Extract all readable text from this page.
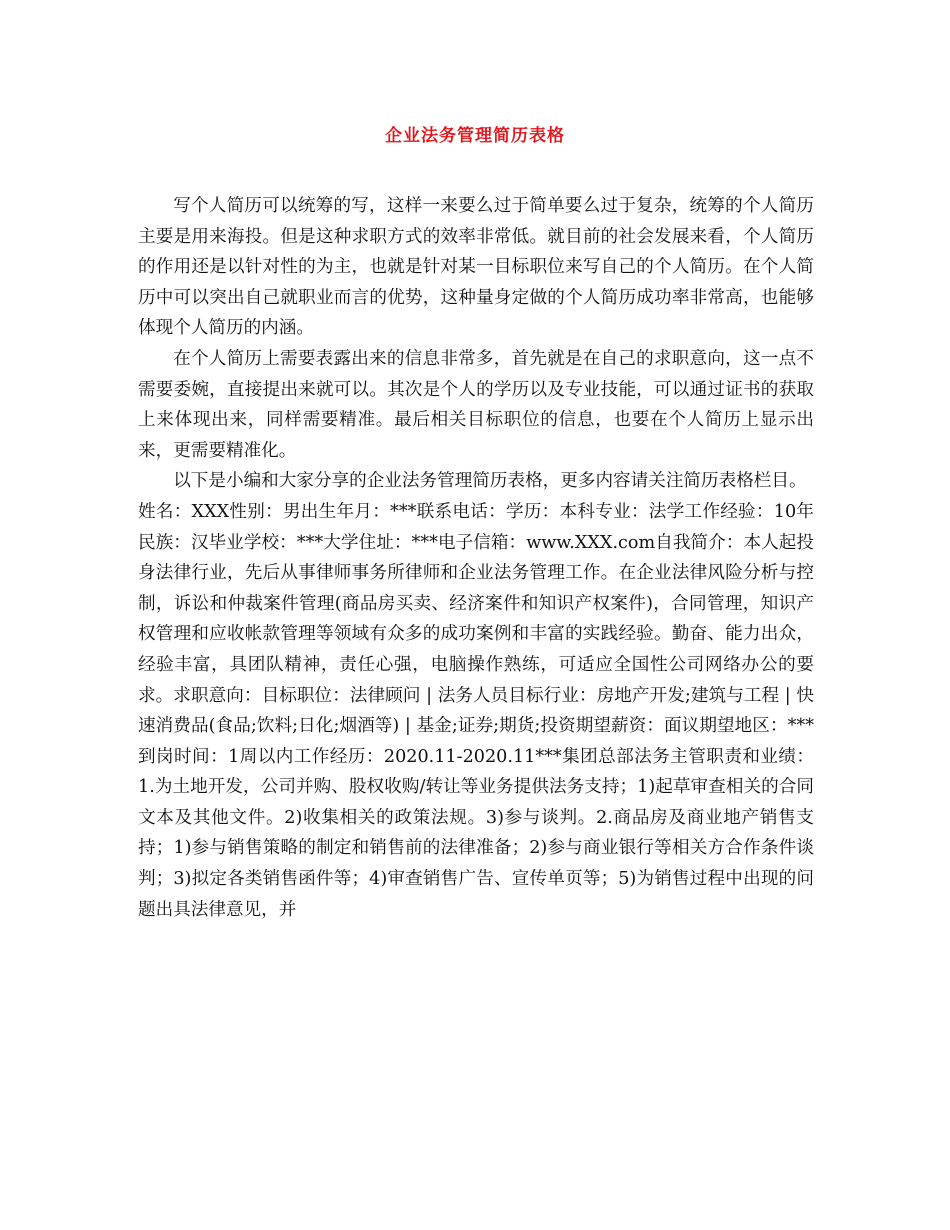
企业法务管理简历表格

写个人简历可以统筹的写，这样一来要么过于简单要么过于复杂，统筹的个人简历主要是用来海投。但是这种求职方式的效率非常低。就目前的社会发展来看，个人简历的作用还是以针对性的为主，也就是针对某一目标职位来写自己的个人简历。在个人简历中可以突出自己就职业而言的优势，这种量身定做的个人简历成功率非常高，也能够体现个人简历的内涵。

在个人简历上需要表露出来的信息非常多，首先就是在自己的求职意向，这一点不需要委婉，直接提出来就可以。其次是个人的学历以及专业技能，可以通过证书的获取上来体现出来，同样需要精准。最后相关目标职位的信息，也要在个人简历上显示出来，更需要精准化。

以下是小编和大家分享的企业法务管理简历表格，更多内容请关注简历表格栏目。

姓名：XXX性别：男出生年月：***联系电话：学历：本科专业：法学工作经验：10年民族：汉毕业学校：***大学住址：***电子信箱：www.XXX.com自我简介：本人起投身法律行业，先后从事律师事务所律师和企业法务管理工作。在企业法律风险分析与控制，诉讼和仲裁案件管理(商品房买卖、经济案件和知识产权案件)，合同管理，知识产权管理和应收帐款管理等领域有众多的成功案例和丰富的实践经验。勤奋、能力出众，经验丰富，具团队精神，责任心强，电脑操作熟练，可适应全国性公司网络办公的要求。求职意向：目标职位：法律顾问 | 法务人员目标行业：房地产开发;建筑与工程 | 快速消费品(食品;饮料;日化;烟酒等) | 基金;证券;期货;投资期望薪资：面议期望地区：***到岗时间：1周以内工作经历：2020.11-2020.11***集团总部法务主管职责和业绩：1.为土地开发，公司并购、股权收购/转让等业务提供法务支持；1)起草审查相关的合同文本及其他文件。2)收集相关的政策法规。3)参与谈判。2.商品房及商业地产销售支持；1)参与销售策略的制定和销售前的法律准备；2)参与商业银行等相关方合作条件谈判；3)拟定各类销售函件等；4)审查销售广告、宣传单页等；5)为销售过程中出现的问题出具法律意见，并
